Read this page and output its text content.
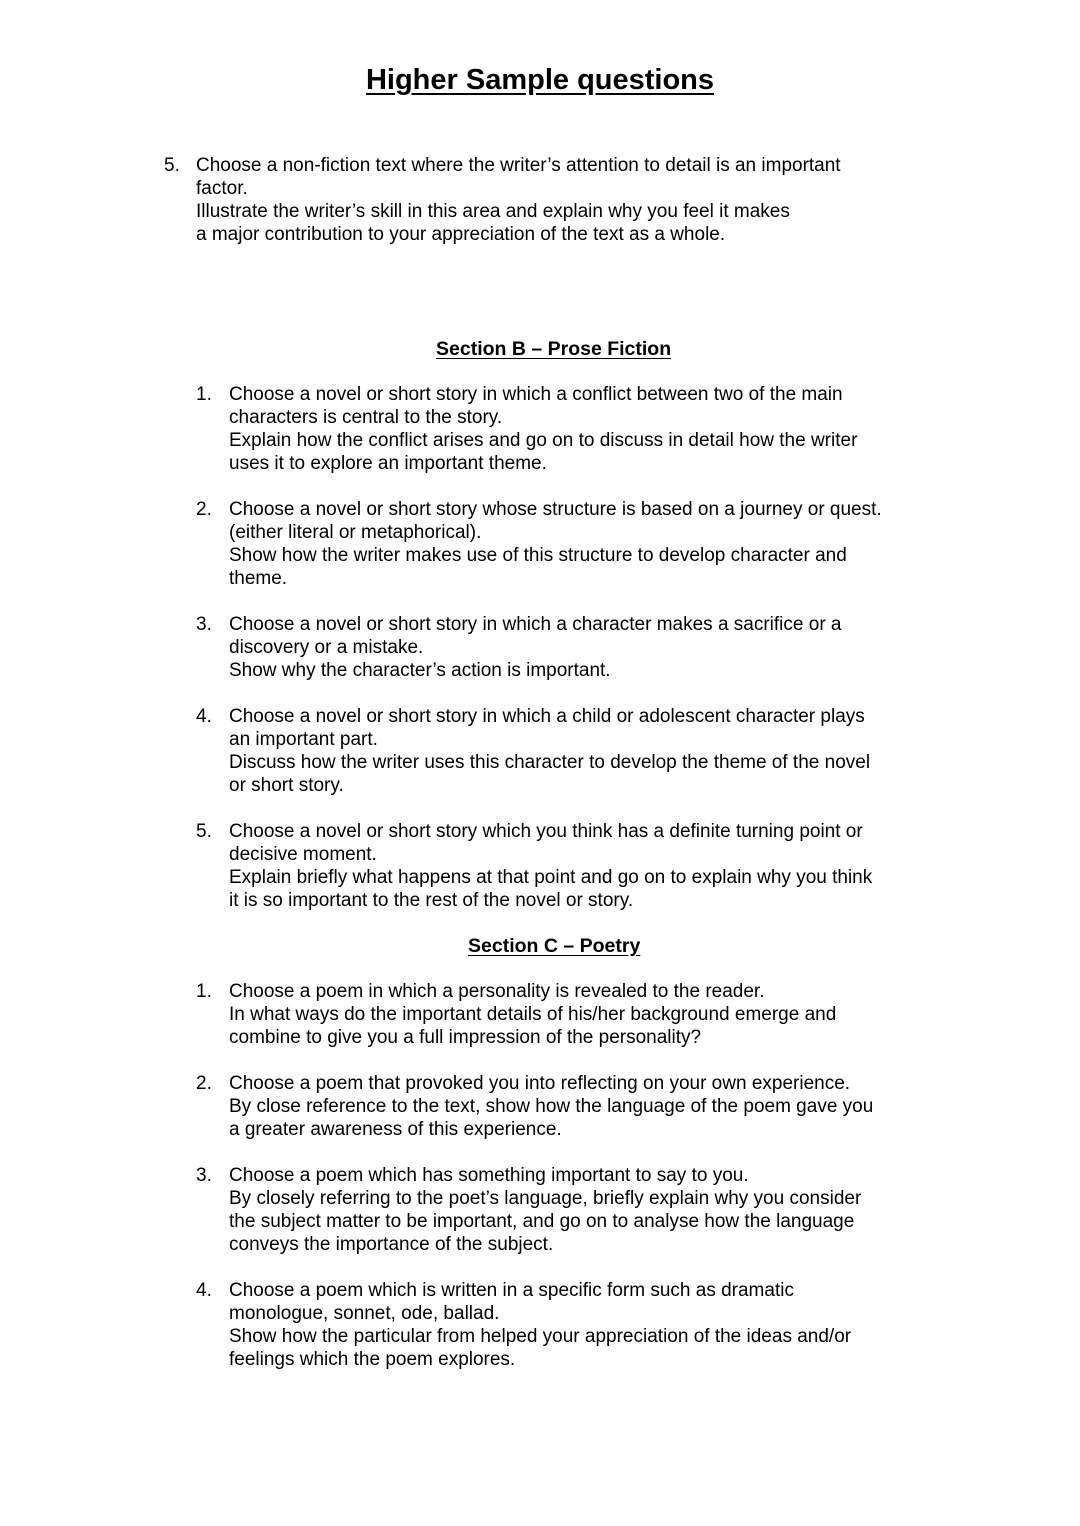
Higher Sample questions
5. Choose a non-fiction text where the writer’s attention to detail is an important
factor.
Illustrate the writer’s skill in this area and explain why you feel it makes
a major contribution to your appreciation of the text as a whole.
Section B – Prose Fiction
1. Choose a novel or short story in which a conflict between two of the main
characters is central to the story.
Explain how the conflict arises and go on to discuss in detail how the writer
uses it to explore an important theme.
2. Choose a novel or short story whose structure is based on a journey or quest.
(either literal or metaphorical).
Show how the writer makes use of this structure to develop character and
theme.
3. Choose a novel or short story in which a character makes a sacrifice or a
discovery or a mistake.
Show why the character’s action is important.
4. Choose a novel or short story in which a child or adolescent character plays
an important part.
Discuss how the writer uses this character to develop the theme of the novel
or short story.
5. Choose a novel or short story which you think has a definite turning point or
decisive moment.
Explain briefly what happens at that point and go on to explain why you think
it is so important to the rest of the novel or story.
Section C – Poetry
1. Choose a poem in which a personality is revealed to the reader.
In what ways do the important details of his/her background emerge and
combine to give you a full impression of the personality?
2. Choose a poem that provoked you into reflecting on your own experience.
By close reference to the text, show how the language of the poem gave you
a greater awareness of this experience.
3. Choose a poem which has something important to say to you.
By closely referring to the poet’s language, briefly explain why you consider
the subject matter to be important, and go on to analyse how the language
conveys the importance of the subject.
4. Choose a poem which is written in a specific form such as dramatic
monologue, sonnet, ode, ballad.
Show how the particular from helped your appreciation of the ideas and/or
feelings which the poem explores.
